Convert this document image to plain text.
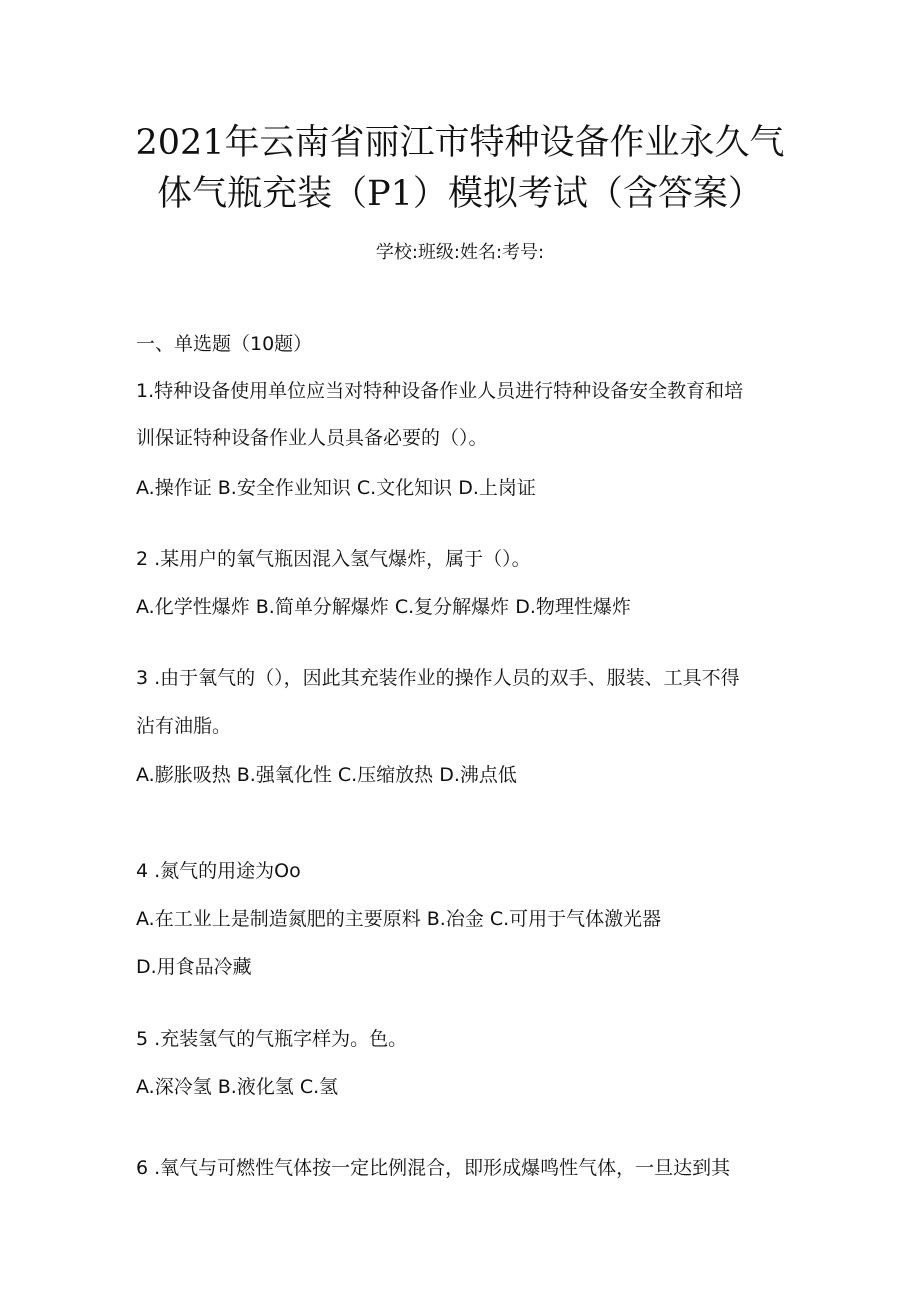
2021年云南省丽江市特种设备作业永久气
体气瓶充装（P1）模拟考试（含答案）
学校:班级:姓名:考号:
一、单选题（10题）
1.特种设备使用单位应当对特种设备作业人员进行特种设备安全教育和培
训保证特种设备作业人员具备必要的（）。
A.操作证 B.安全作业知识 C.文化知识 D.上岗证
2 .某用户的氧气瓶因混入氢气爆炸，属于（）。
A.化学性爆炸 B.简单分解爆炸 C.复分解爆炸 D.物理性爆炸
3 .由于氧气的（），因此其充装作业的操作人员的双手、服装、工具不得
沾有油脂。
A.膨胀吸热 B.强氧化性 C.压缩放热 D.沸点低
4 .氮气的用途为Oo
A.在工业上是制造氮肥的主要原料 B.冶金 C.可用于气体激光器
D.用食品冷藏
5 .充装氢气的气瓶字样为。色。
A.深冷氢 B.液化氢 C.氢
6 .氧气与可燃性气体按一定比例混合，即形成爆鸣性气体，一旦达到其
